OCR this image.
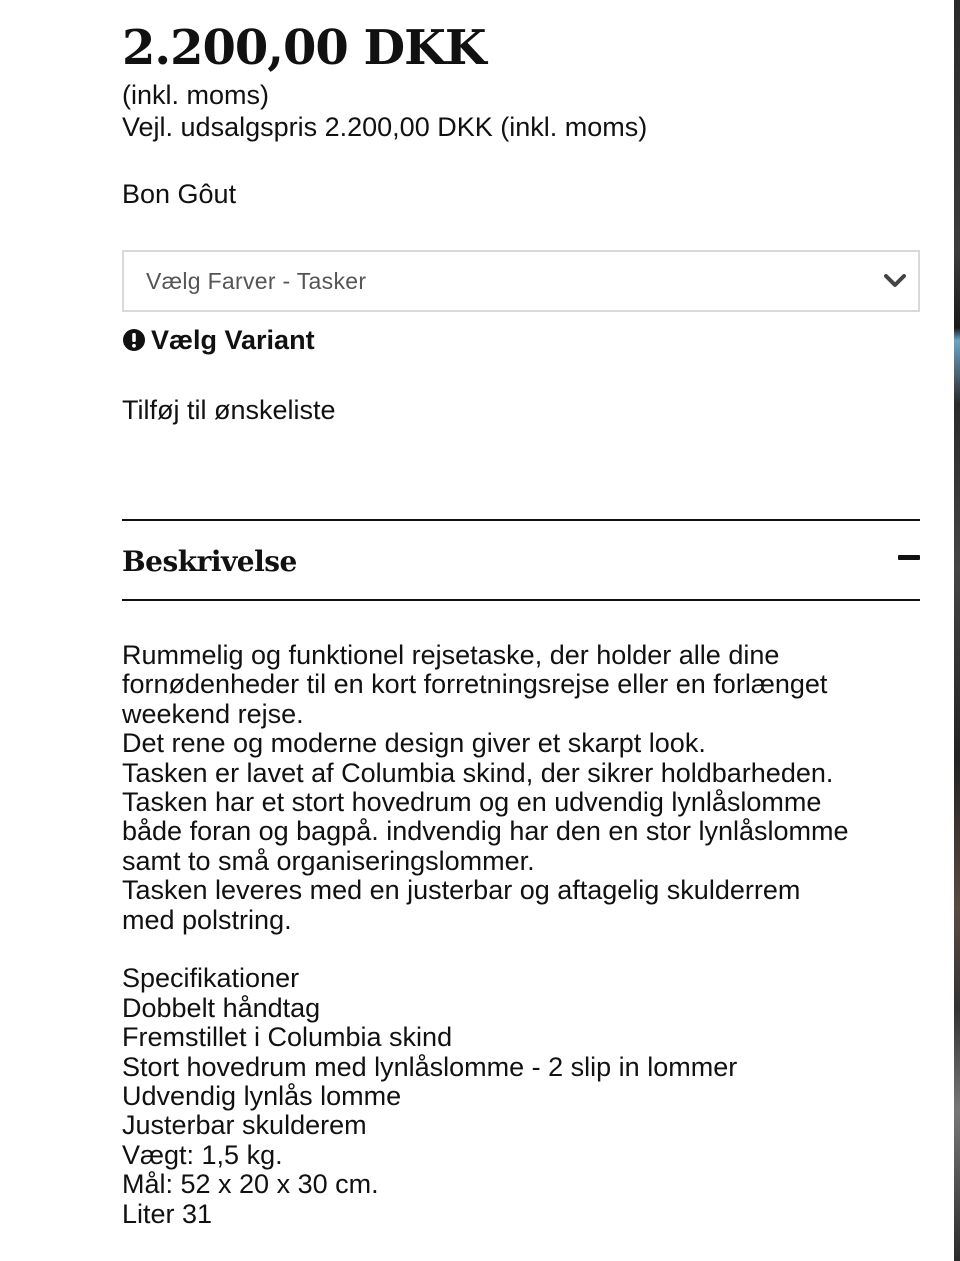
2.200,00 DKK
(inkl. moms)
Vejl. udsalgspris 2.200,00 DKK (inkl. moms)
Bon Gôut
Vælg Farver - Tasker
Vælg Variant
Tilføj til ønskeliste
Beskrivelse

Rummelig og funktionel rejsetaske, der holder alle dine

fornødenheder til en kort forretningsrejse eller en forlænget

weekend rejse.

Det rene og moderne design giver et skarpt look.

Tasken er lavet af Columbia skind, der sikrer holdbarheden.

Tasken har et stort hovedrum og en udvendig lynlåslomme

både foran og bagpå. indvendig har den en stor lynlåslomme

samt to små organiseringslommer.

Tasken leveres med en justerbar og aftagelig skulderrem

med polstring.

Specifikationer

Dobbelt håndtag

Fremstillet i Columbia skind

Stort hovedrum med lynlåslomme - 2 slip in lommer

Udvendig lynlås lomme

Justerbar skulderem

Vægt: 1,5 kg.

Mål: 52 x 20 x 30 cm.

Liter 31
